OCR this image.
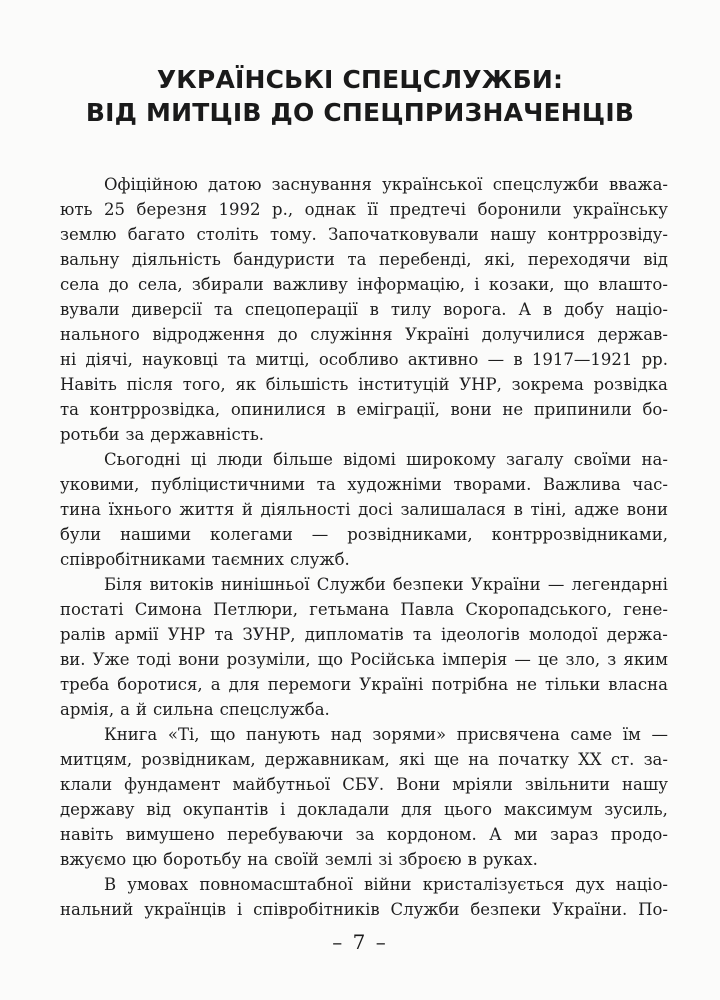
УКРАЇНСЬКІ СПЕЦСЛУЖБИ:
ВІД МИТЦІВ ДО СПЕЦПРИЗНАЧЕНЦІВ
Офіційною датою заснування української спецслужби вважа-
ють 25 березня 1992 р., однак її предтечі боронили українську
землю багато століть тому. Започатковували нашу контррозвіду-
вальну діяльність бандуристи та перебенді, які, переходячи від
села до села, збирали важливу інформацію, і козаки, що влашто-
вували диверсії та спецоперації в тилу ворога. А в добу націо-
нального відродження до служіння Україні долучилися держав-
ні діячі, науковці та митці, особливо активно — в 1917—1921 рр.
Навіть після того, як більшість інституцій УНР, зокрема розвідка
та контррозвідка, опинилися в еміграції, вони не припинили бо-
ротьби за державність.
Сьогодні ці люди більше відомі широкому загалу своїми на-
уковими, публіцистичними та художніми творами. Важлива час-
тина їхнього життя й діяльності досі залишалася в тіні, адже вони
були нашими колегами — розвідниками, контррозвідниками,
співробітниками таємних служб.
Біля витоків нинішньої Служби безпеки України — легендарні
постаті Симона Петлюри, гетьмана Павла Скоропадського, гене-
ралів армії УНР та ЗУНР, дипломатів та ідеологів молодої держа-
ви. Уже тоді вони розуміли, що Російська імперія — це зло, з яким
треба боротися, а для перемоги Україні потрібна не тільки власна
армія, а й сильна спецслужба.
Книга «Ті, що панують над зорями» присвячена саме їм —
митцям, розвідникам, державникам, які ще на початку XX ст. за-
клали фундамент майбутньої СБУ. Вони мріяли звільнити нашу
державу від окупантів і докладали для цього максимум зусиль,
навіть вимушено перебуваючи за кордоном. А ми зараз продо-
вжуємо цю боротьбу на своїй землі зі зброєю в руках.
В умовах повномасштабної війни кристалізується дух націо-
нальний українців і співробітників Служби безпеки України. По-
– 7 –
